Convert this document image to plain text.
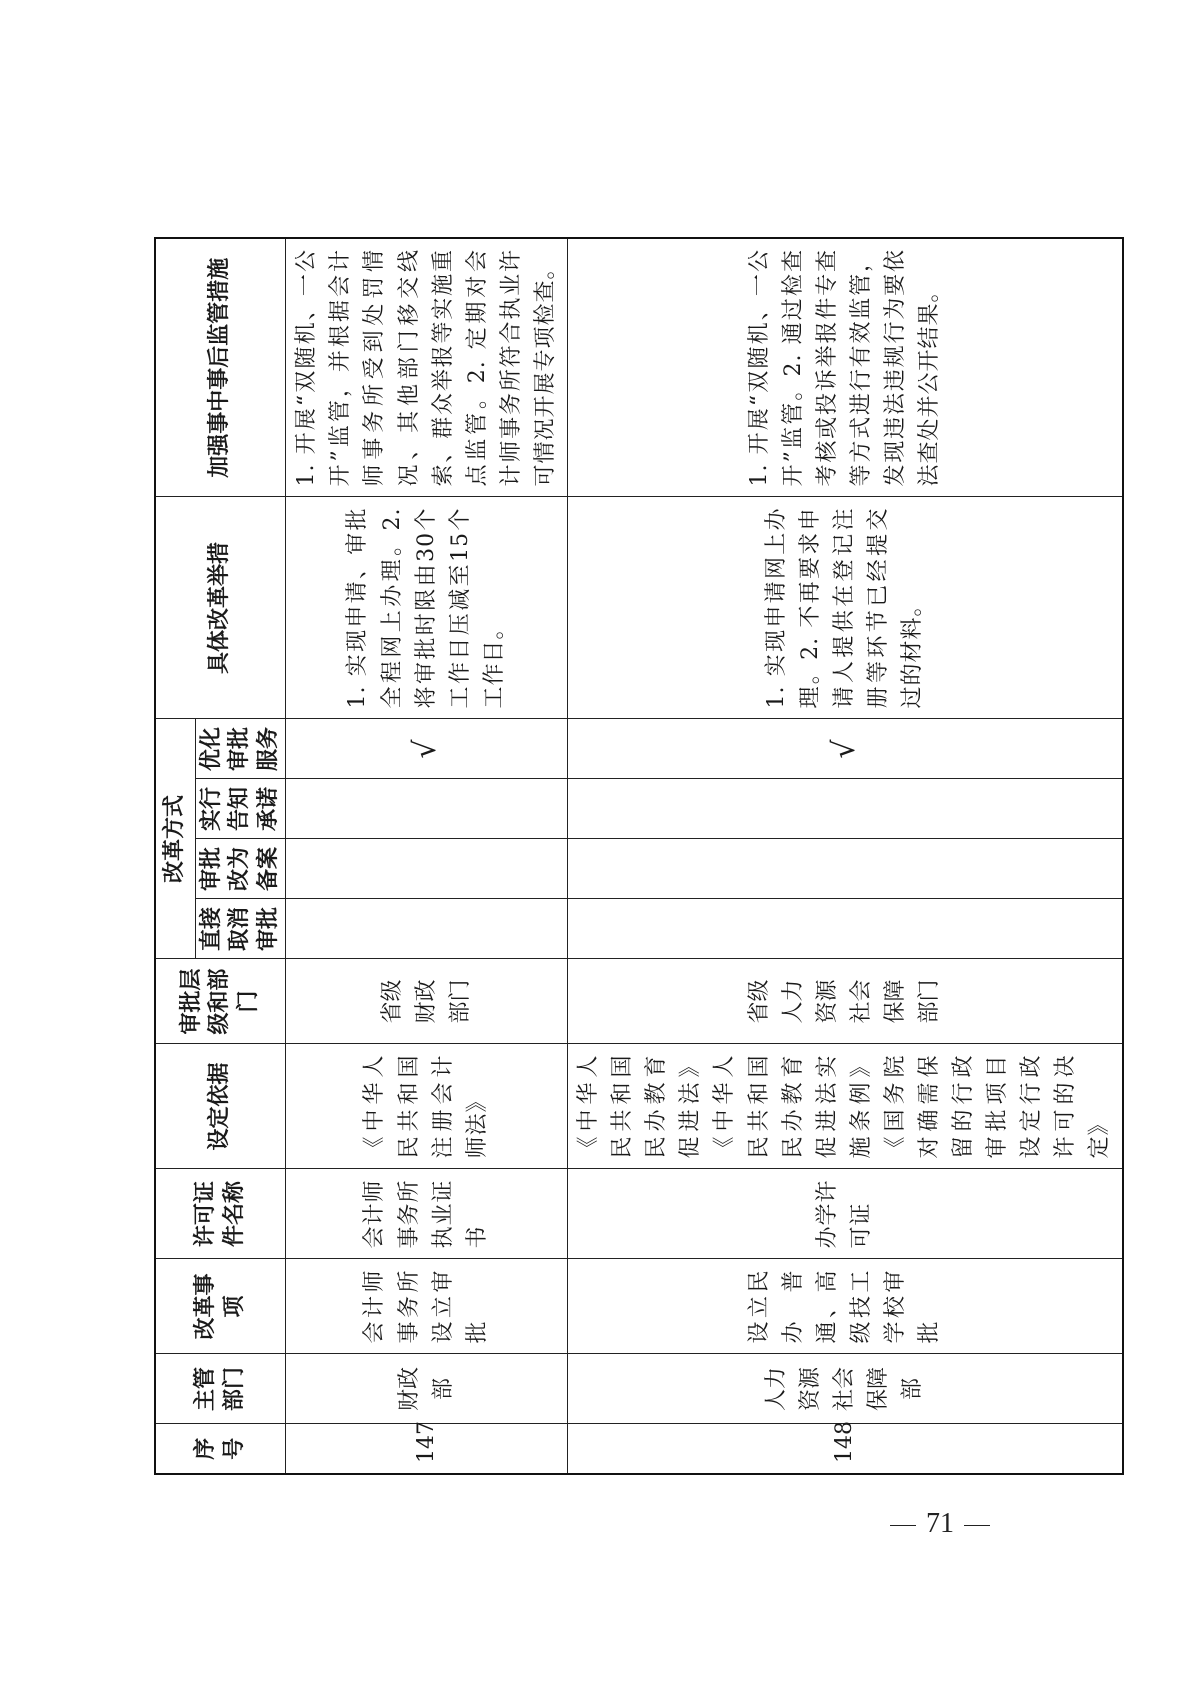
序号	主管部门	改革事项	许可证件名称	设定依据	审批层级和部门	改革方式				具体改革举措	加强事中事后监管措施
						直接取消审批	审批改为备案	实行告知承诺	优化审批服务		
147	财政部	会计师事务所设立审批	会计师事务所执业证书	《中华人民共和国注册会计师法》	省级财政部门				√	1. 实现申请、审批全程网上办理。2. 将审批时限由30个工作日压减至15个工作日。	1. 开展“双随机、一公开”监管，并根据会计师事务所受到处罚情况、其他部门移交线索、群众举报等实施重点监管。2. 定期对会计师事务所符合执业许可情况开展专项检查。
148	人力资源社会保障部	设立民办普通、高级技工学校审批	办学许可证	《中华人民共和国民办教育促进法》《中华人民共和国民办教育促进法实施条例》《国务院对确需保留的行政审批项目设定行政许可的决定》	省级人力资源社会保障部门				√	1. 实现申请网上办理。2. 不再要求申请人提供在登记注册等环节已经提交过的材料。	1. 开展“双随机、一公开”监管。2. 通过检查考核或投诉举报件专查等方式进行有效监管，发现违法违规行为要依法查处并公开结果。
71
